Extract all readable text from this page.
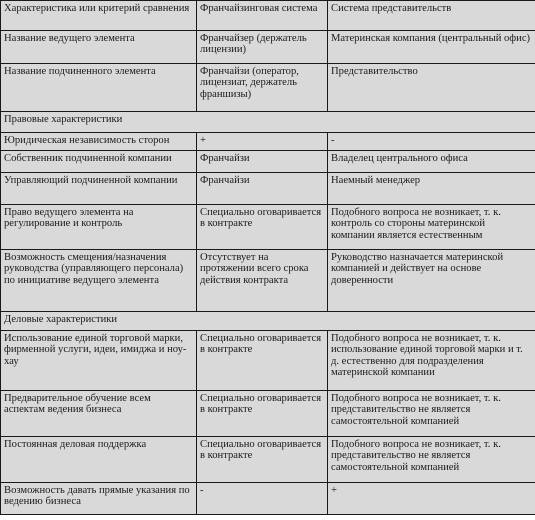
Характеристика или критерий сравнения	Франчайзинговая система	Система представительств
Название ведущего элемента	Франчайзер (держатель лицензии)	Материнская компания (центральный офис)
Название подчиненного элемента	Франчайзи (оператор, лицензиат, держатель франшизы)	Представительство
Правовые характеристики		
Юридическая независимость сторон	+	-
Собственник подчиненной компании	Франчайзи	Владелец центрального офиса
Управляющий подчиненной компании	Франчайзи	Наемный менеджер
Право ведущего элемента на регулирование и контроль	Специально оговаривается в контракте	Подобного вопроса не возникает, т. к. контроль со стороны материнской компании является естественным
Возможность смещения/назначения руководства (управляющего персонала) по инициативе ведущего элемента	Отсутствует на протяжении всего срока действия контракта	Руководство назначается материнской компанией и действует на основе доверенности
Деловые характеристики		
Использование единой торговой марки, фирменной услуги, идеи, имиджа и ноу-хау	Специально оговаривается в контракте	Подобного вопроса не возникает, т. к. использование единой торговой марки и т. д. естественно для подразделения материнской компании
Предварительное обучение всем аспектам ведения бизнеса	Специально оговаривается в контракте	Подобного вопроса не возникает, т. к. представительство не является самостоятельной компанией
Постоянная деловая поддержка	Специально оговаривается в контракте	Подобного вопроса не возникает, т. к. представительство не является самостоятельной компанией
Возможность давать прямые указания по ведению бизнеса	-	+
